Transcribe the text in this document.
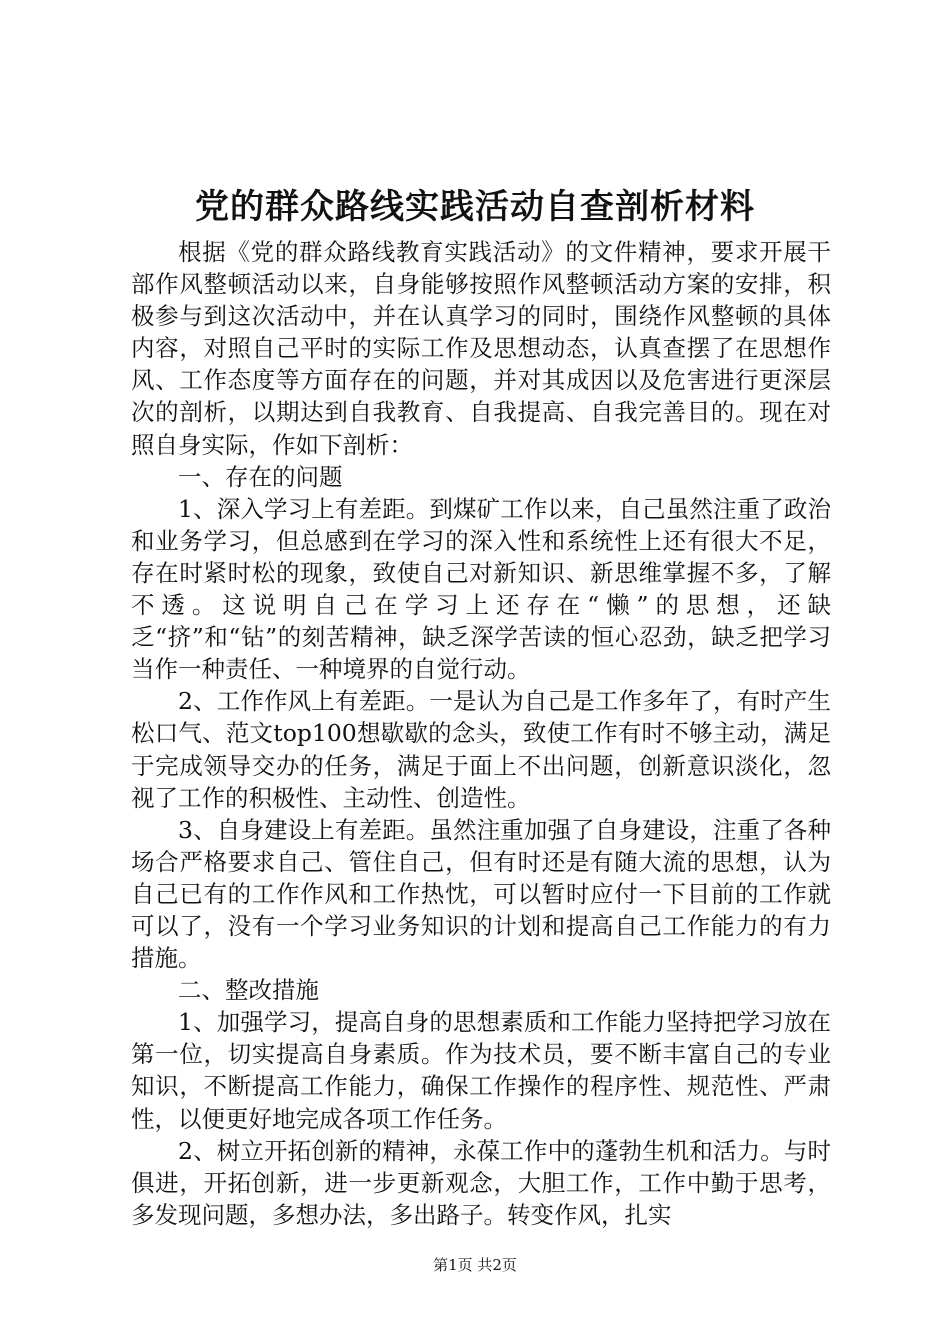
党的群众路线实践活动自查剖析材料

根据《党的群众路线教育实践活动》的文件精神，要求开展干部作风整顿活动以来，自身能够按照作风整顿活动方案的安排，积极参与到这次活动中，并在认真学习的同时，围绕作风整顿的具体内容，对照自己平时的实际工作及思想动态，认真查摆了在思想作风、工作态度等方面存在的问题，并对其成因以及危害进行更深层次的剖析，以期达到自我教育、自我提高、自我完善目的。现在对照自身实际，作如下剖析：

一、存在的问题

1、深入学习上有差距。到煤矿工作以来，自己虽然注重了政治和业务学习，但总感到在学习的深入性和系统性上还有很大不足，存在时紧时松的现象，致使自己对新知识、新思维掌握不多，了解不透。这说明自己在学习上还存在“懒”的思想，还缺乏“挤”和“钻”的刻苦精神，缺乏深学苦读的恒心忍劲，缺乏把学习当作一种责任、一种境界的自觉行动。

2、工作作风上有差距。一是认为自己是工作多年了，有时产生松口气、范文top100想歇歇的念头，致使工作有时不够主动，满足于完成领导交办的任务，满足于面上不出问题，创新意识淡化，忽视了工作的积极性、主动性、创造性。

3、自身建设上有差距。虽然注重加强了自身建设，注重了各种场合严格要求自己、管住自己，但有时还是有随大流的思想，认为自己已有的工作作风和工作热忱，可以暂时应付一下目前的工作就可以了，没有一个学习业务知识的计划和提高自己工作能力的有力措施。

二、整改措施

1、加强学习，提高自身的思想素质和工作能力坚持把学习放在第一位，切实提高自身素质。作为技术员，要不断丰富自己的专业知识，不断提高工作能力，确保工作操作的程序性、规范性、严肃性，以便更好地完成各项工作任务。

2、树立开拓创新的精神，永葆工作中的蓬勃生机和活力。与时俱进，开拓创新，进一步更新观念，大胆工作，工作中勤于思考，多发现问题，多想办法，多出路子。转变作风，扎实

第1页 共2页
